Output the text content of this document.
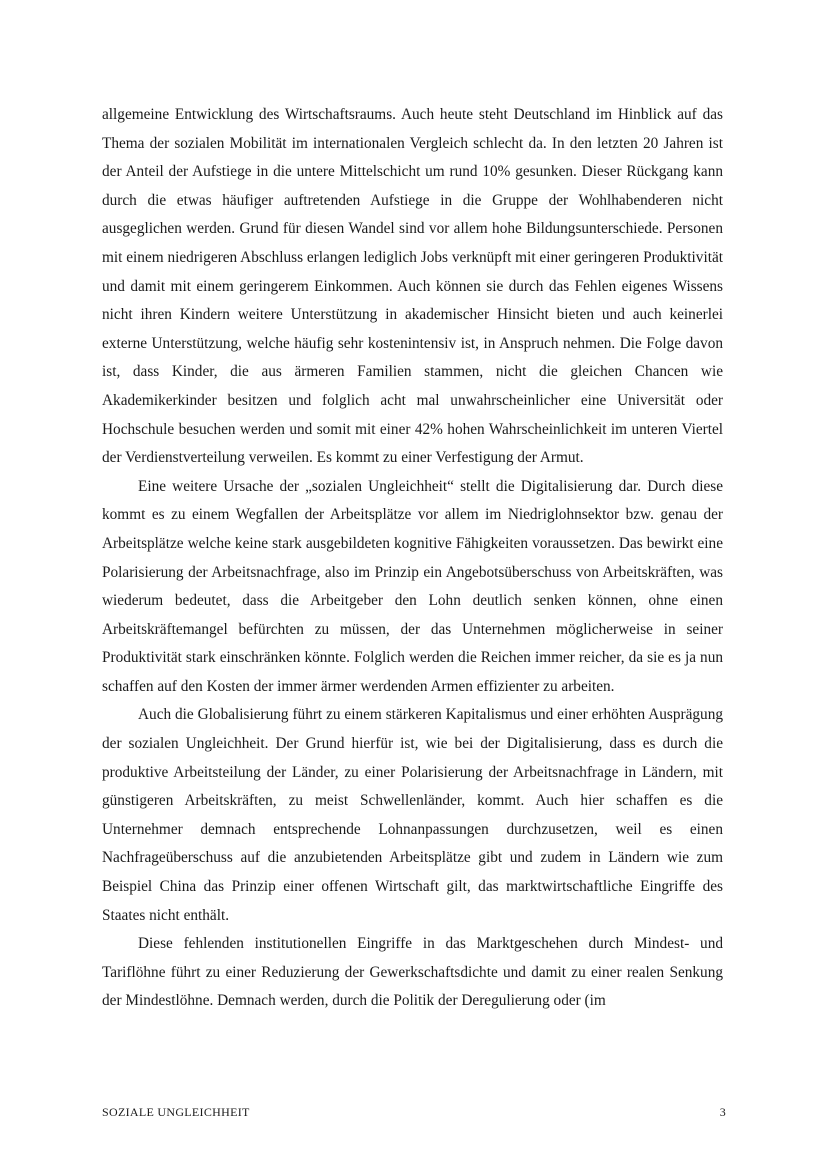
allgemeine Entwicklung des Wirtschaftsraums. Auch heute steht Deutschland im Hinblick auf das Thema der sozialen Mobilität im internationalen Vergleich schlecht da. In den letzten 20 Jahren ist der Anteil der Aufstiege in die untere Mittelschicht um rund 10% gesunken. Dieser Rückgang kann durch die etwas häufiger auftretenden Aufstiege in die Gruppe der Wohlhabenderen nicht ausgeglichen werden. Grund für diesen Wandel sind vor allem hohe Bildungsunterschiede. Personen mit einem niedrigeren Abschluss erlangen lediglich Jobs verknüpft mit einer geringeren Produktivität und damit mit einem geringerem Einkommen. Auch können sie durch das Fehlen eigenes Wissens nicht ihren Kindern weitere Unterstützung in akademischer Hinsicht bieten und auch keinerlei externe Unterstützung, welche häufig sehr kostenintensiv ist, in Anspruch nehmen. Die Folge davon ist, dass Kinder, die aus ärmeren Familien stammen, nicht die gleichen Chancen wie Akademikerkinder besitzen und folglich acht mal unwahrscheinlicher eine Universität oder Hochschule besuchen werden und somit mit einer 42% hohen Wahrscheinlichkeit im unteren Viertel der Verdienstverteilung verweilen. Es kommt zu einer Verfestigung der Armut.

Eine weitere Ursache der „sozialen Ungleichheit“ stellt die Digitalisierung dar. Durch diese kommt es zu einem Wegfallen der Arbeitsplätze vor allem im Niedriglohnsektor bzw. genau der Arbeitsplätze welche keine stark ausgebildeten kognitive Fähigkeiten voraussetzen. Das bewirkt eine Polarisierung der Arbeitsnachfrage, also im Prinzip ein Angebotsüberschuss von Arbeitskräften, was wiederum bedeutet, dass die Arbeitgeber den Lohn deutlich senken können, ohne einen Arbeitskräftemangel befürchten zu müssen, der das Unternehmen möglicherweise in seiner Produktivität stark einschränken könnte. Folglich werden die Reichen immer reicher, da sie es ja nun schaffen auf den Kosten der immer ärmer werdenden Armen effizienter zu arbeiten.

Auch die Globalisierung führt zu einem stärkeren Kapitalismus und einer erhöhten Ausprägung der sozialen Ungleichheit. Der Grund hierfür ist, wie bei der Digitalisierung, dass es durch die produktive Arbeitsteilung der Länder, zu einer Polarisierung der Arbeitsnachfrage in Ländern, mit günstigeren Arbeitskräften, zu meist Schwellenländer, kommt. Auch hier schaffen es die Unternehmer demnach entsprechende Lohnanpassungen durchzusetzen, weil es einen Nachfrageüberschuss auf die anzubietenden Arbeitsplätze gibt und zudem in Ländern wie zum Beispiel China das Prinzip einer offenen Wirtschaft gilt, das marktwirtschaftliche Eingriffe des Staates nicht enthält.

Diese fehlenden institutionellen Eingriffe in das Marktgeschehen durch Mindest- und Tariflöhne führt zu einer Reduzierung der Gewerkschaftsdichte und damit zu einer realen Senkung der Mindestlöhne. Demnach werden, durch die Politik der Deregulierung oder (im

SOZIALE UNGLEICHHEIT	3
